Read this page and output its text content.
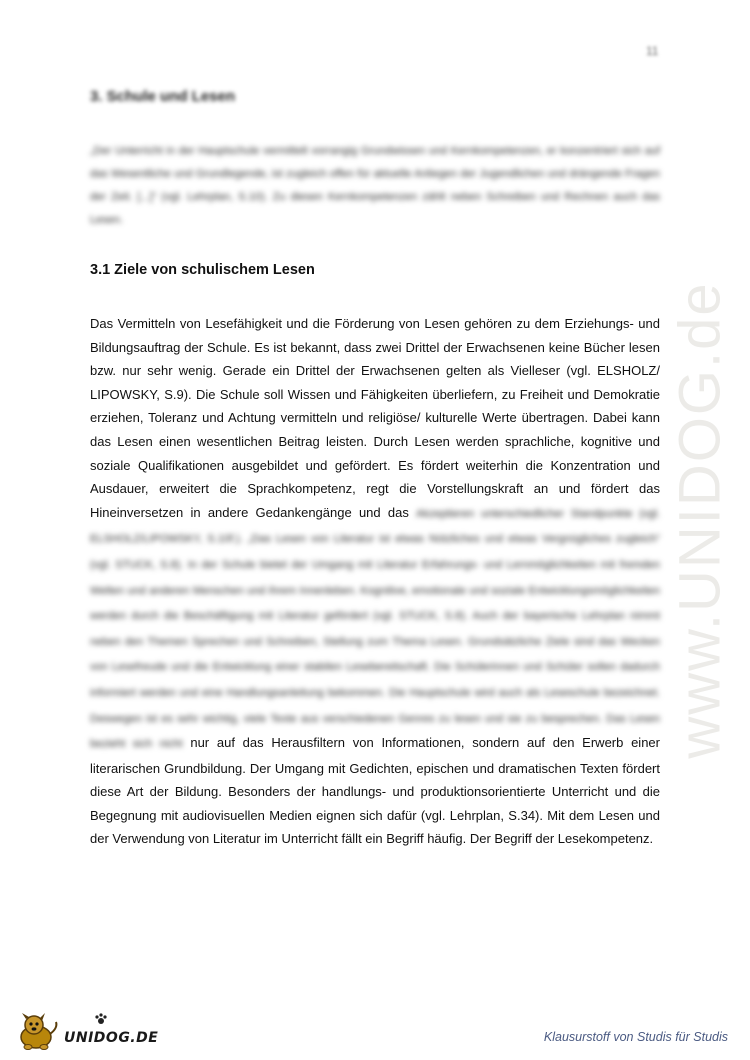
11
3. Schule und Lesen

„Der Unterricht in der Hauptschule vermittelt vorrangig Grundwissen und Kernkompetenzen, er konzentriert sich auf das Wesentliche und Grundlegende, ist zugleich offen für aktuelle Anliegen der Jugendlichen und drängende Fragen der Zeit. [...]“ (vgl. Lehrplan, S.10). Zu diesen Kernkompetenzen zählt neben Schreiben und Rechnen auch das Lesen.

3.1 Ziele von schulischem Lesen

Das Vermitteln von Lesefähigkeit und die Förderung von Lesen gehören zu dem Erziehungs- und Bildungsauftrag der Schule. Es ist bekannt, dass zwei Drittel der Erwachsenen keine Bücher lesen bzw. nur sehr wenig. Gerade ein Drittel der Erwachsenen gelten als Vielleser (vgl. ELSHOLZ/ LIPOWSKY, S.9). Die Schule soll Wissen und Fähigkeiten überliefern, zu Freiheit und Demokratie erziehen, Toleranz und Achtung vermitteln und religiöse/ kulturelle Werte übertragen. Dabei kann das Lesen einen wesentlichen Beitrag leisten. Durch Lesen werden sprachliche, kognitive und soziale Qualifikationen ausgebildet und gefördert. Es fördert weiterhin die Konzentration und Ausdauer, erweitert die Sprachkompetenz, regt die Vorstellungskraft an und fördert das Hineinversetzen in andere Gedankengänge und das Akzeptieren unterschiedlicher Standpunkte (vgl. ELSHOLZ/LIPOWSKY, S.10f.). „Das Lesen von Literatur ist etwas Nützliches und etwas Vergnügliches zugleich“ (vgl. STUCK, S.8). In der Schule bietet der Umgang mit Literatur Erfahrungs- und Lernmöglichkeiten mit fremden Welten und anderen Menschen und ihrem Innenleben. Kognitive, emotionale und soziale Entwicklungsmöglichkeiten werden durch die Beschäftigung mit Literatur gefördert (vgl. STUCK, S.8). Auch der bayerische Lehrplan nimmt neben den Themen Sprechen und Schreiben, Stellung zum Thema Lesen. Grundsätzliche Ziele sind das Wecken von Lesefreude und die Entwicklung einer stabilen Lesebereitschaft. Die Schülerinnen und Schüler sollen dadurch informiert werden und eine Handlungsanleitung bekommen. Die Hauptschule wird auch als Leseschule bezeichnet. Deswegen ist es sehr wichtig, viele Texte aus verschiedenen Genres zu lesen und sie zu besprechen. Das Lesen bezieht sich nicht nur auf das Herausfiltern von Informationen, sondern auf den Erwerb einer literarischen Grundbildung. Der Umgang mit Gedichten, epischen und dramatischen Texten fördert diese Art der Bildung. Besonders der handlungs- und produktionsorientierte Unterricht und die Begegnung mit audiovisuellen Medien eignen sich dafür (vgl. Lehrplan, S.34). Mit dem Lesen und der Verwendung von Literatur im Unterricht fällt ein Begriff häufig. Der Begriff der Lesekompetenz.

www.UNIDOG.de
UNIDOG.DE	Klausurstoff von Studis für Studis
